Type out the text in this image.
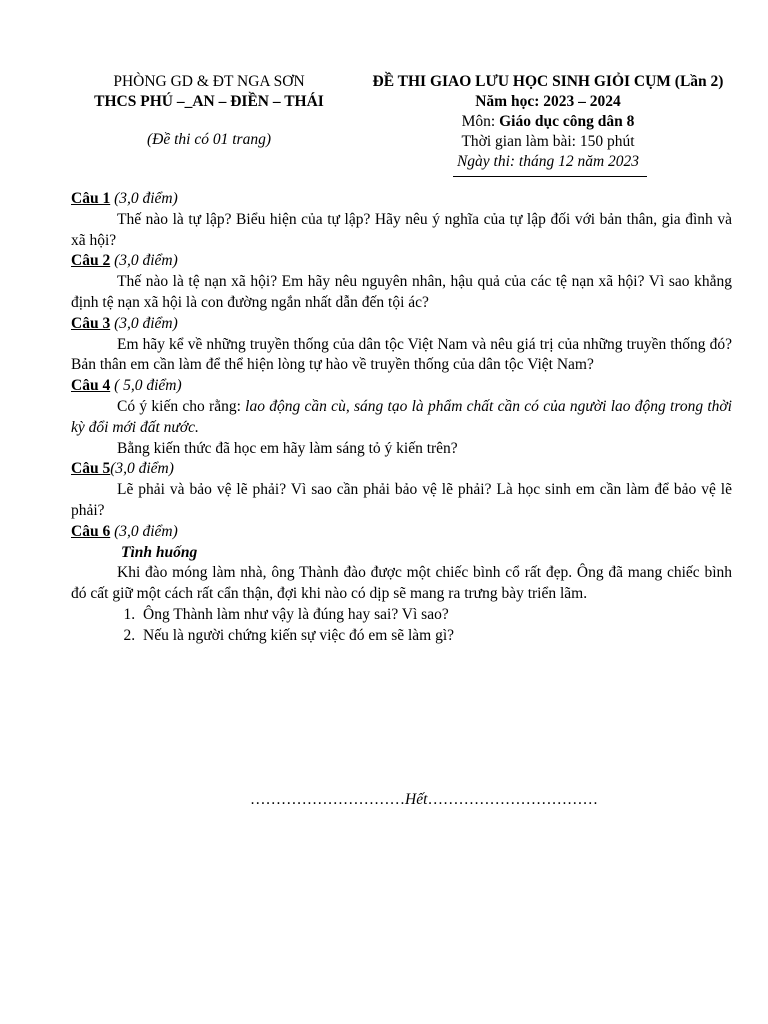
PHÒNG GD & ĐT NGA SƠN
THCS PHÚ –_AN – ĐIỀN – THÁI
(Đề thi có 01 trang)
ĐỀ THI GIAO LƯU HỌC SINH GIỎI CỤM (Lần 2)
Năm học: 2023 – 2024
Môn: Giáo dục công dân 8
Thời gian làm bài: 150 phút
Ngày thi: tháng 12 năm 2023

Câu 1 (3,0 điểm)

Thế nào là tự lập? Biểu hiện của tự lập? Hãy nêu ý nghĩa của tự lập đối với bản thân, gia đình và xã hội?

Câu 2 (3,0 điểm)

Thế nào là tệ nạn xã hội? Em hãy nêu nguyên nhân, hậu quả của các tệ nạn xã hội? Vì sao khẳng định tệ nạn xã hội là con đường ngắn nhất dẫn đến tội ác?

Câu 3 (3,0 điểm)

Em hãy kể về những truyền thống của dân tộc Việt Nam và nêu giá trị của những truyền thống đó? Bản thân em cần làm để thể hiện lòng tự hào về truyền thống của dân tộc Việt Nam?

Câu 4 ( 5,0 điểm)

Có ý kiến cho rằng: lao động cần cù, sáng tạo là phẩm chất cần có của người lao động trong thời kỳ đổi mới đất nước.

Bằng kiến thức đã học em hãy làm sáng tỏ ý kiến trên?

Câu 5(3,0 điểm)

Lẽ phải và bảo vệ lẽ phải? Vì sao cần phải bảo vệ lẽ phải? Là học sinh em cần làm để bảo vệ lẽ phải?

Câu 6 (3,0 điểm)

Tình huống

Khi đào móng làm nhà, ông Thành đào được một chiếc bình cổ rất đẹp. Ông đã mang chiếc bình đó cất giữ một cách rất cẩn thận, đợi khi nào có dịp sẽ mang ra trưng bày triển lãm.

1. Ông Thành làm như vậy là đúng hay sai? Vì sao?
2. Nếu là người chứng kiến sự việc đó em sẽ làm gì?
…………………………Hết……………………………
